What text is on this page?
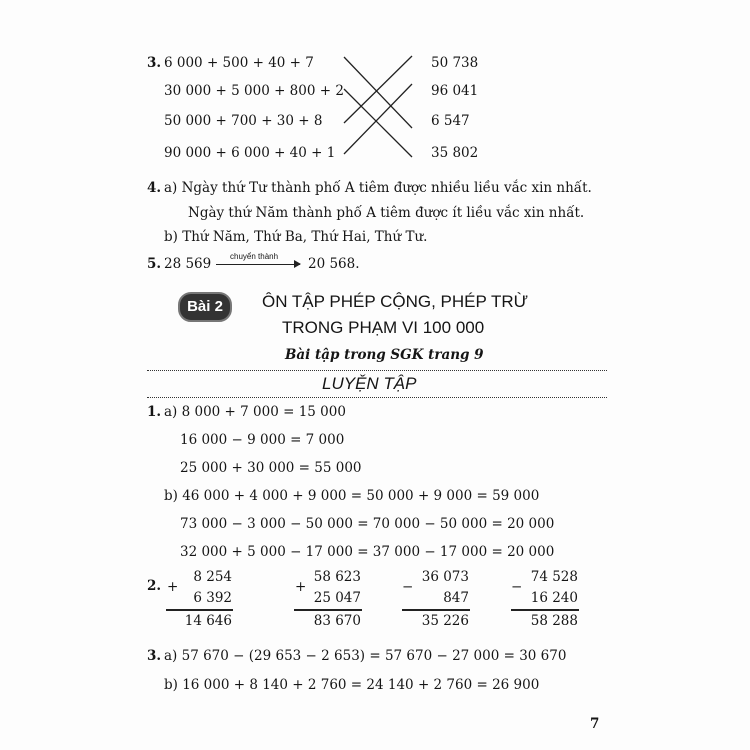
3. 6 000 + 500 + 40 + 7
30 000 + 5 000 + 800 + 2
50 000 + 700 + 30 + 8
90 000 + 6 000 + 40 + 1
50 738
96 041
6 547
35 802
4. a) Ngày thứ Tư thành phố A tiêm được nhiều liều vắc xin nhất.
Ngày thứ Năm thành phố A tiêm được ít liều vắc xin nhất.
b) Thứ Năm, Thứ Ba, Thứ Hai, Thứ Tư.
5. 28 569 chuyển thành 20 568.
Bài 2	ÔN TẬP PHÉP CỘNG, PHÉP TRỪ
TRONG PHẠM VI 100 000
Bài tập trong SGK trang 9
LUYỆN TẬP
1. a) 8 000 + 7 000 = 15 000
16 000 − 9 000 = 7 000
25 000 + 30 000 = 55 000
b) 46 000 + 4 000 + 9 000 = 50 000 + 9 000 = 59 000
73 000 − 3 000 − 50 000 = 70 000 − 50 000 = 20 000
32 000 + 5 000 − 17 000 = 37 000 − 17 000 = 20 000
2. +
8 254
6 392
14 646
+
58 623
25 047
83 670
−
36 073
847
35 226
−
74 528
16 240
58 288
3. a) 57 670 − (29 653 − 2 653) = 57 670 − 27 000 = 30 670
b) 16 000 + 8 140 + 2 760 = 24 140 + 2 760 = 26 900
7
